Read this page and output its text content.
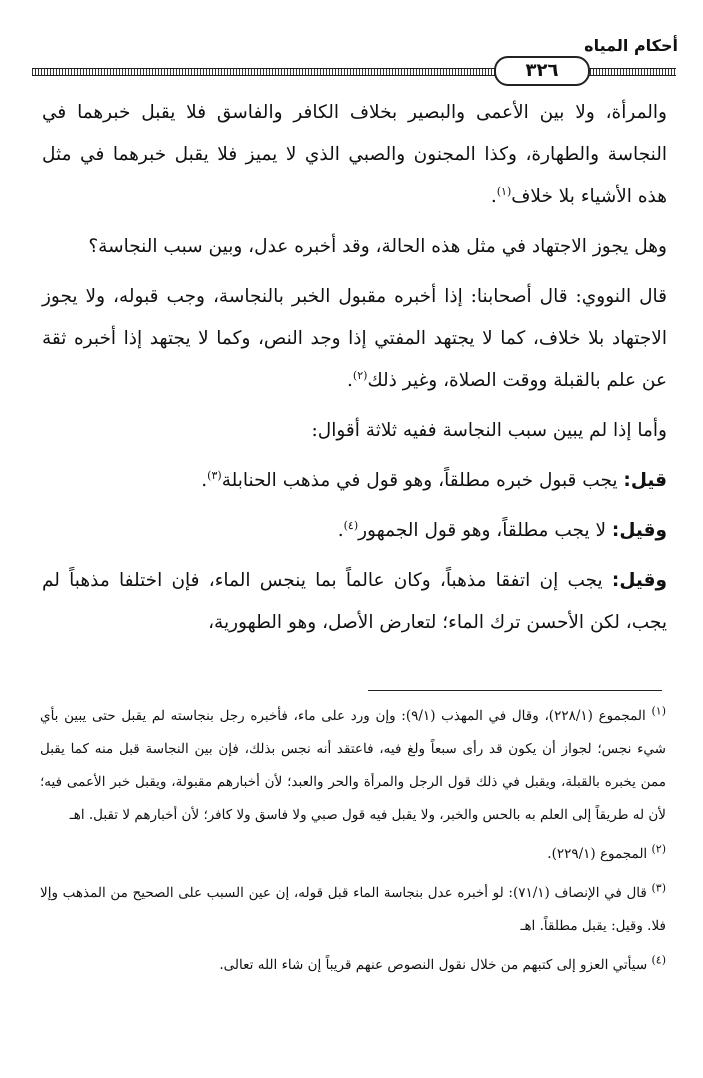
أحكام المياه
٣٢٦

والمرأة، ولا بين الأعمى والبصير بخلاف الكافر والفاسق فلا يقبل خبرهما في النجاسة والطهارة، وكذا المجنون والصبي الذي لا يميز فلا يقبل خبرهما في مثل هذه الأشياء بلا خلاف$^{(١)}$.

وهل يجوز الاجتهاد في مثل هذه الحالة، وقد أخبره عدل، وبين سبب النجاسة؟

قال النووي: قال أصحابنا: إذا أخبره مقبول الخبر بالنجاسة، وجب قبوله، ولا يجوز الاجتهاد بلا خلاف، كما لا يجتهد المفتي إذا وجد النص، وكما لا يجتهد إذا أخبره ثقة عن علم بالقبلة ووقت الصلاة، وغير ذلك$^{(٢)}$.

وأما إذا لم يبين سبب النجاسة ففيه ثلاثة أقوال:

قيل: يجب قبول خبره مطلقاً، وهو قول في مذهب الحنابلة$^{(٣)}$.

وقيل: لا يجب مطلقاً، وهو قول الجمهور$^{(٤)}$.

وقيل: يجب إن اتفقا مذهباً، وكان عالماً بما ينجس الماء، فإن اختلفا مذهباً لم يجب، لكن الأحسن ترك الماء؛ لتعارض الأصل، وهو الطهورية،

$^{(١)}$ المجموع (٢٢٨/١)، وقال في المهذب (٩/١): وإن ورد على ماء، فأخبره رجل بنجاسته لم يقبل حتى يبين بأي شيء نجس؛ لجواز أن يكون قد رأى سبعاً ولغ فيه، فاعتقد أنه نجس بذلك، فإن بين النجاسة قبل منه كما يقبل ممن يخبره بالقبلة، ويقبل في ذلك قول الرجل والمرأة والحر والعبد؛ لأن أخبارهم مقبولة، ويقبل خبر الأعمى فيه؛ لأن له طريقاً إلى العلم به بالحس والخبر، ولا يقبل فيه قول صبي ولا فاسق ولا كافر؛ لأن أخبارهم لا تقبل. اهـ

$^{(٢)}$ المجموع (٢٢٩/١).

$^{(٣)}$ قال في الإنصاف (٧١/١): لو أخبره عدل بنجاسة الماء قبل قوله، إن عين السبب على الصحيح من المذهب وإلا فلا. وقيل: يقبل مطلقاً. اهـ

$^{(٤)}$ سيأتي العزو إلى كتبهم من خلال نقول النصوص عنهم قريباً إن شاء الله تعالى.
